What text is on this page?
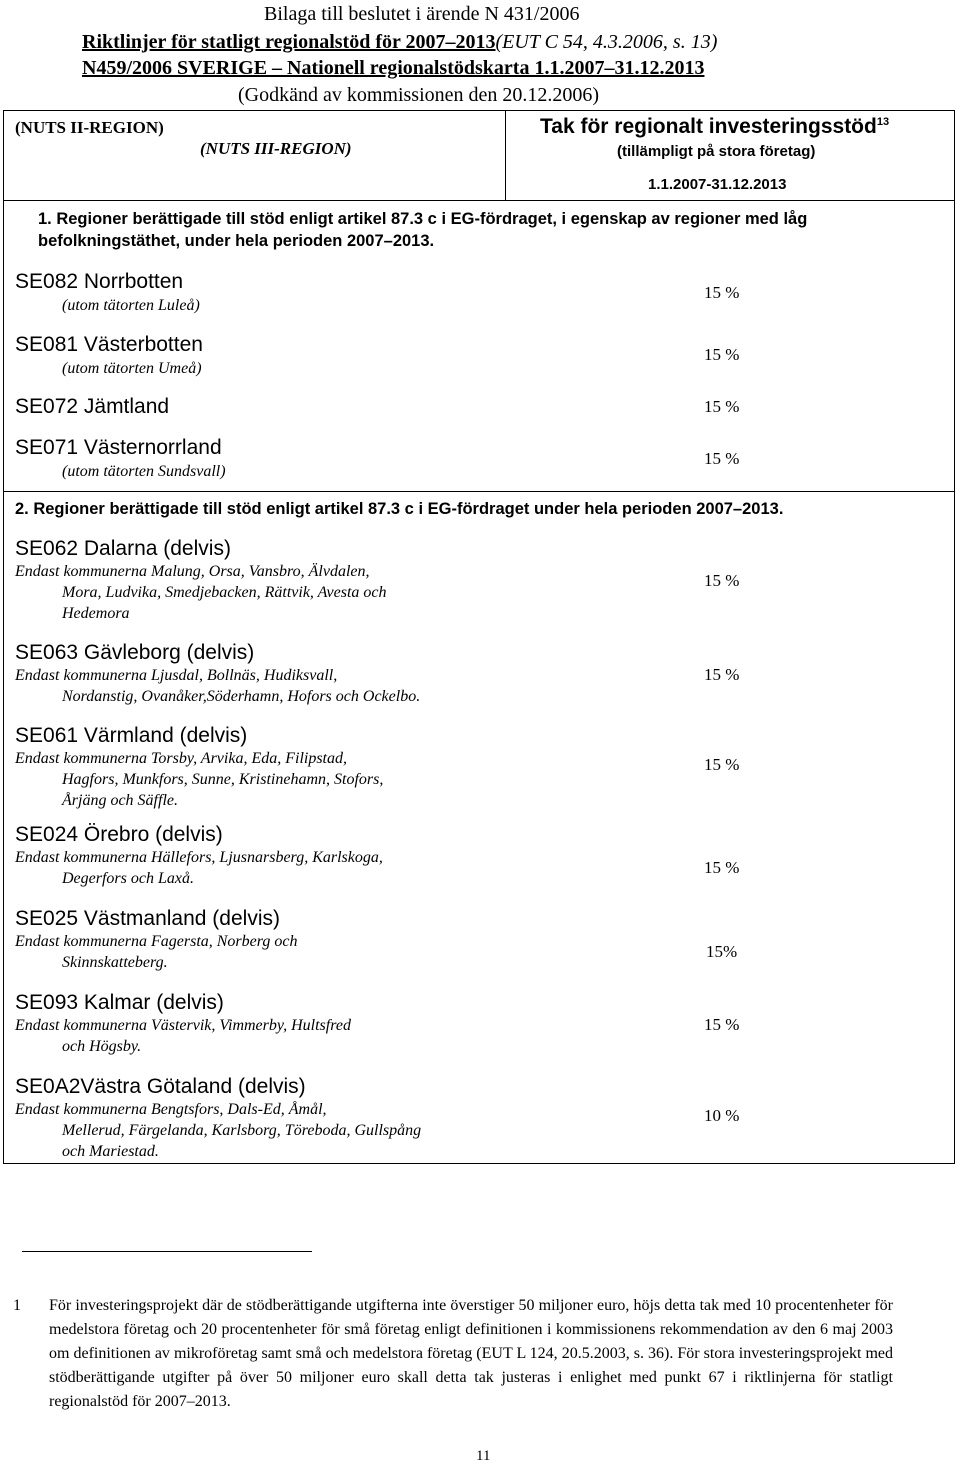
Bilaga till beslutet i ärende N 431/2006
Riktlinjer för statligt regionalstöd för 2007–2013(EUT C 54, 4.3.2006, s. 13)
N459/2006 SVERIGE – Nationell regionalstödskarta 1.1.2007–31.12.2013
(Godkänd av kommissionen den 20.12.2006)
(NUTS II-REGION)
(NUTS III-REGION)
Tak för regionalt investeringsstöd$^{13}$
(tillämpligt på stora företag)
1.1.2007-31.12.2013
1. Regioner berättigade till stöd enligt artikel 87.3 c i EG-fördraget, i egenskap av regioner med låg
befolkningstäthet, under hela perioden 2007–2013.
SE082 Norrbotten
(utom tätorten Luleå)
15 %
SE081 Västerbotten
(utom tätorten Umeå)
15 %
SE072 Jämtland	15 %
SE071 Västernorrland
(utom tätorten Sundsvall)
15 %
2. Regioner berättigade till stöd enligt artikel 87.3 c i EG-fördraget under hela perioden 2007–2013.
SE062 Dalarna (delvis)
Endast kommunerna Malung, Orsa, Vansbro, Älvdalen,
Mora, Ludvika, Smedjebacken, Rättvik, Avesta och
Hedemora
15 %
SE063 Gävleborg (delvis)
Endast kommunerna Ljusdal, Bollnäs, Hudiksvall,
Nordanstig, Ovanåker,Söderhamn, Hofors och Ockelbo.
15 %
SE061 Värmland (delvis)
Endast kommunerna Torsby, Arvika, Eda, Filipstad,
Hagfors, Munkfors, Sunne, Kristinehamn, Stofors,
Årjäng och Säffle.
15 %
SE024 Örebro (delvis)
Endast kommunerna Hällefors, Ljusnarsberg, Karlskoga,
Degerfors och Laxå.
15 %
SE025 Västmanland (delvis)
Endast kommunerna Fagersta, Norberg och
Skinnskatteberg.
15%
SE093 Kalmar (delvis)
Endast kommunerna Västervik, Vimmerby, Hultsfred
och Högsby.
15 %
SE0A2Västra Götaland (delvis)
Endast kommunerna Bengtsfors, Dals-Ed, Åmål,
Mellerud, Färgelanda, Karlsborg, Töreboda, Gullspång
och Mariestad.
10 %
1 För investeringsprojekt där de stödberättigande utgifterna inte överstiger 50 miljoner euro, höjs detta tak med 10 procentenheter för medelstora företag och 20 procentenheter för små företag enligt definitionen i kommissionens rekommendation av den 6 maj 2003 om definitionen av mikroföretag samt små och medelstora företag (EUT L 124, 20.5.2003, s. 36). För stora investeringsprojekt med stödberättigande utgifter på över 50 miljoner euro skall detta tak justeras i enlighet med punkt 67 i riktlinjerna för statligt regionalstöd för 2007–2013.
11
